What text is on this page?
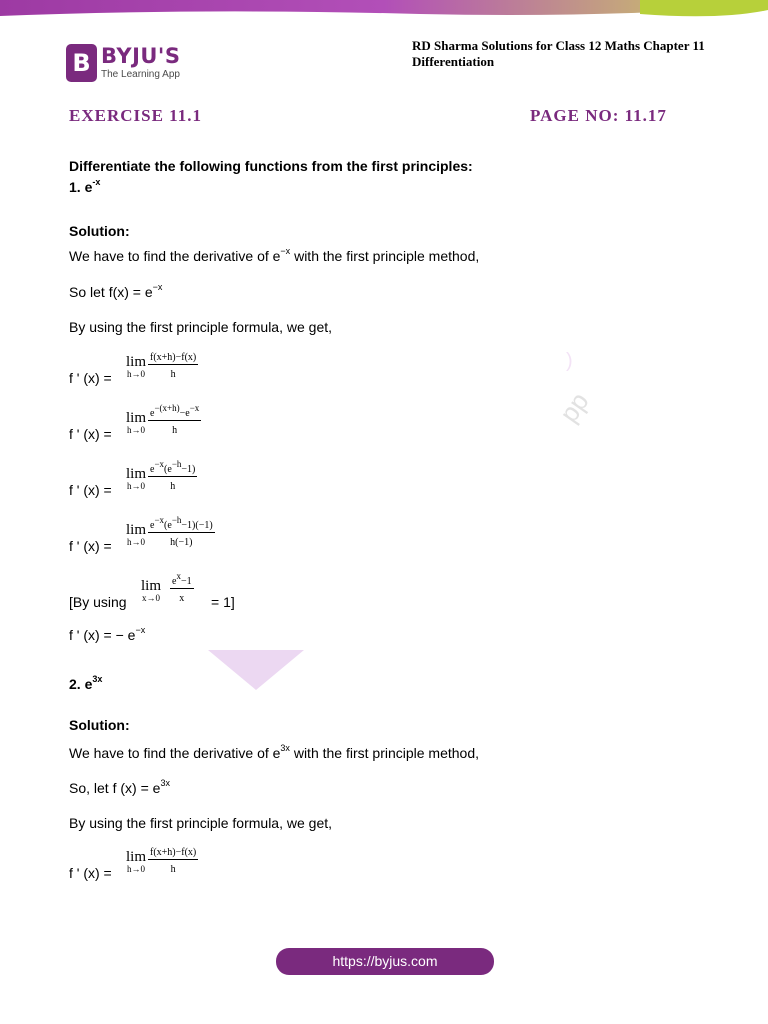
B BYJU'S
The Learning App
RD Sharma Solutions for Class 12 Maths Chapter 11
Differentiation
EXERCISE 11.1	PAGE NO: 11.17
)
pp
Differentiate the following functions from the first principles:
1. $e^{-x}$
Solution:
We have to find the derivative of $e^{-x}$ with the first principle method,
So let $f(x) = e^{-x}$
By using the first principle formula, we get,
f ' (x) =
lim
$h\to 0 \frac{f(x+h)-f(x)}{h}$
f ' (x) =
lim
$h\to 0 \frac{e^{-(x+h)}-e^{-x}}{h}$
f ' (x) =
lim
$h\to 0 \frac{e^{-x}(e^{-h}-1)}{h}$
f ' (x) =
lim
$h\to 0 \frac{e^{-x}(e^{-h}-1)(-1)}{h(-1)}$
[By using
lim
x→0	$\frac{e^x-1}{x} = 1$]
f ' (x) = − $e^{-x}$
2. $e^{3x}$
Solution:
We have to find the derivative of $e^{3x}$ with the first principle method,
So, let f $(x) = e^{3x}$
By using the first principle formula, we get,
f ' (x) =
lim
$h\to 0 \frac{f(x+h)-f(x)}{h}$
https://byjus.com
